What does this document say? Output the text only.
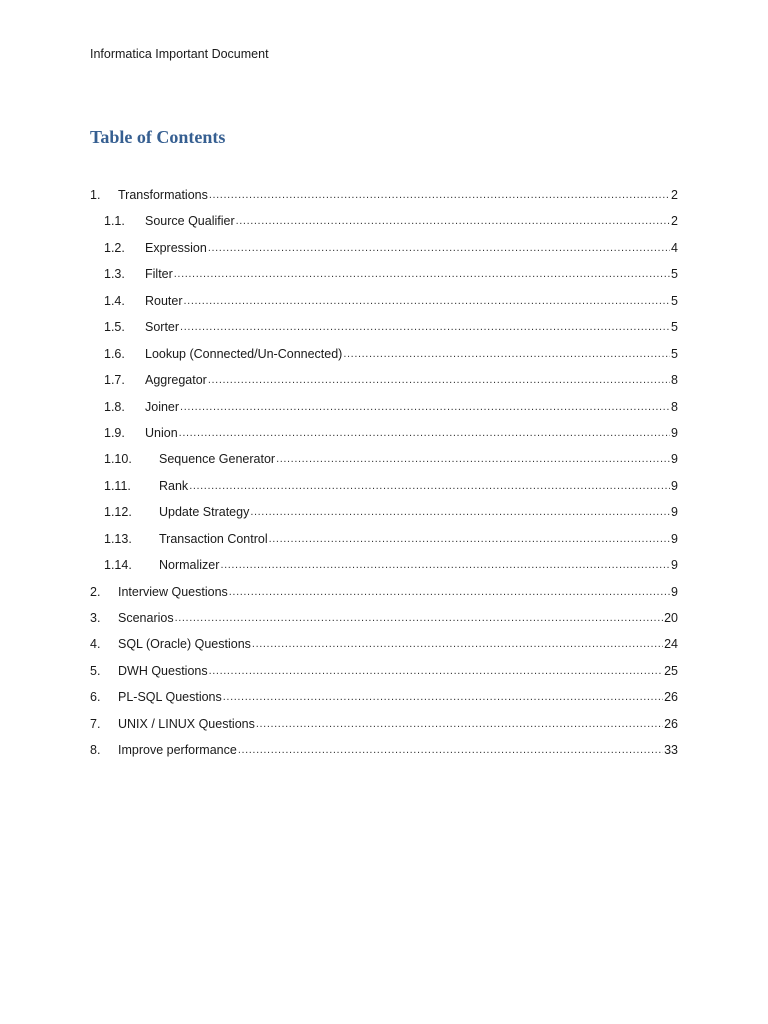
Informatica Important Document
Table of Contents
1.	Transformations .....	2
1.1.	Source Qualifier .....	2
1.2.	Expression .....	4
1.3.	Filter .....	5
1.4.	Router .....	5
1.5.	Sorter .....	5
1.6.	Lookup (Connected/Un-Connected) .....	5
1.7.	Aggregator .....	8
1.8.	Joiner .....	8
1.9.	Union .....	9
1.10.	Sequence Generator .....	9
1.11.	Rank .....	9
1.12.	Update Strategy .....	9
1.13.	Transaction Control .....	9
1.14.	Normalizer .....	9
2.	Interview Questions .....	9
3.	Scenarios .....	20
4.	SQL (Oracle) Questions .....	24
5.	DWH Questions .....	25
6.	PL-SQL Questions .....	26
7.	UNIX / LINUX Questions .....	26
8.	Improve performance .....	33
